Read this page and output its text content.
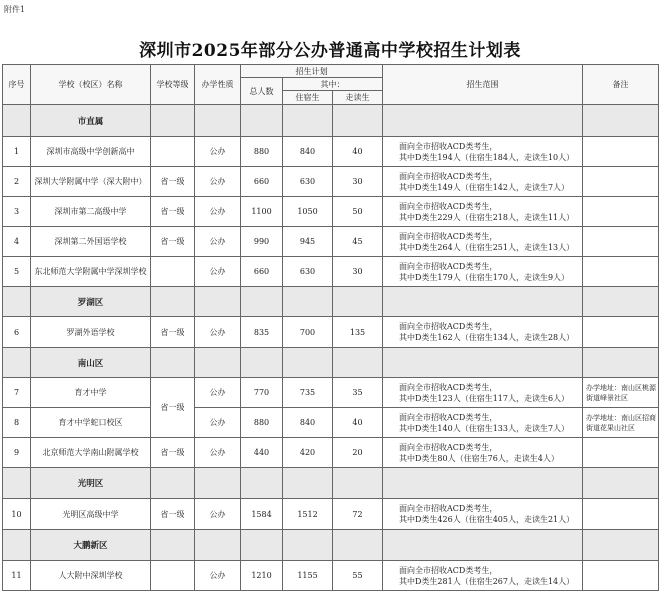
附件1
深圳市2025年部分公办普通高中学校招生计划表
序号	学校（校区）名称	学校等级	办学性质	招生计划			招生范围	备注
				总人数	其中：			
					住宿生	走读生		
	市直属							
1	深圳市高级中学创新高中		公办	880	840	40	面向全市招收ACD类考生，
其中D类生194人（住宿生184人，走读生10人）	

2	深圳大学附属中学（深大附中）	省一级	公办	660	630	30	面向全市招收ACD类考生，
其中D类生149人（住宿生142人，走读生7人）	

3	深圳市第二高级中学	省一级	公办	1100	1050	50	面向全市招收ACD类考生，
其中D类生229人（住宿生218人，走读生11人）	

4	深圳第二外国语学校	省一级	公办	990	945	45	面向全市招收ACD类考生，
其中D类生264人（住宿生251人，走读生13人）	

5	东北师范大学附属中学深圳学校		公办	660	630	30	面向全市招收ACD类考生，
其中D类生179人（住宿生170人，走读生9人）	

	罗湖区							
6	罗湖外语学校	省一级	公办	835	700	135	面向全市招收ACD类考生，
其中D类生162人（住宿生134人，走读生28人）	

	南山区							
7	育才中学	省一级	公办	770	735	35	面向全市招收ACD类考生，
其中D类生123人（住宿生117人，走读生6人）	办学地址：南山区桃源街道峰景社区
8	育才中学蛇口校区		公办	880	840	40	面向全市招收ACD类考生，
其中D类生140人（住宿生133人，走读生7人）	办学地址：南山区招商街道花果山社区
9	北京师范大学南山附属学校	省一级	公办	440	420	20	面向全市招收ACD类考生，
其中D类生80人（住宿生76人，走读生4人）	

	光明区							
10	光明区高级中学	省一级	公办	1584	1512	72	面向全市招收ACD类考生，
其中D类生426人（住宿生405人，走读生21人）	

	大鹏新区							
11	人大附中深圳学校		公办	1210	1155	55	面向全市招收ACD类考生，
其中D类生281人（住宿生267人，走读生14人）	
